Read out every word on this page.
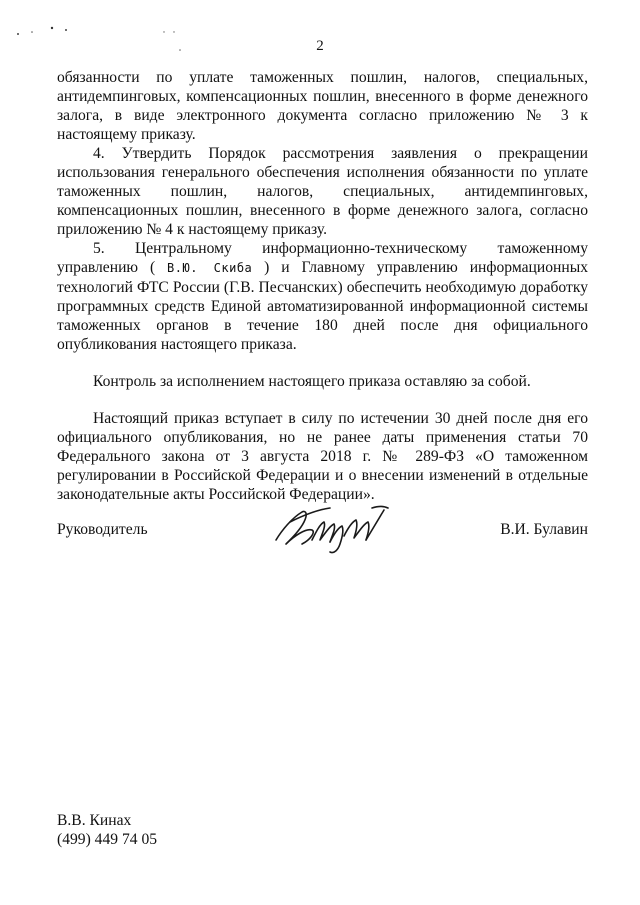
2

обязанности по уплате таможенных пошлин, налогов, специальных, антидемпинговых, компенсационных пошлин, внесенного в форме денежного залога, в виде электронного документа согласно приложению № 3 к настоящему приказу.

4. Утвердить Порядок рассмотрения заявления о прекращении использования генерального обеспечения исполнения обязанности по уплате таможенных пошлин, налогов, специальных, антидемпинговых, компенсационных пошлин, внесенного в форме денежного залога, согласно приложению № 4 к настоящему приказу.

5. Центральному информационно-техническому таможенному управлению ( В.Ю. Скиба ) и Главному управлению информационных технологий ФТС России (Г.В. Песчанских) обеспечить необходимую доработку программных средств Единой автоматизированной информационной системы таможенных органов в течение 180 дней после дня официального опубликования настоящего приказа.

Контроль за исполнением настоящего приказа оставляю за собой.

Настоящий приказ вступает в силу по истечении 30 дней после дня его официального опубликования, но не ранее даты применения статьи 70 Федерального закона от 3 августа 2018 г. № 289-ФЗ «О таможенном регулировании в Российской Федерации и о внесении изменений в отдельные законодательные акты Российской Федерации».

Руководитель	В.И. Булавин
В.В. Кинах
(499) 449 74 05
